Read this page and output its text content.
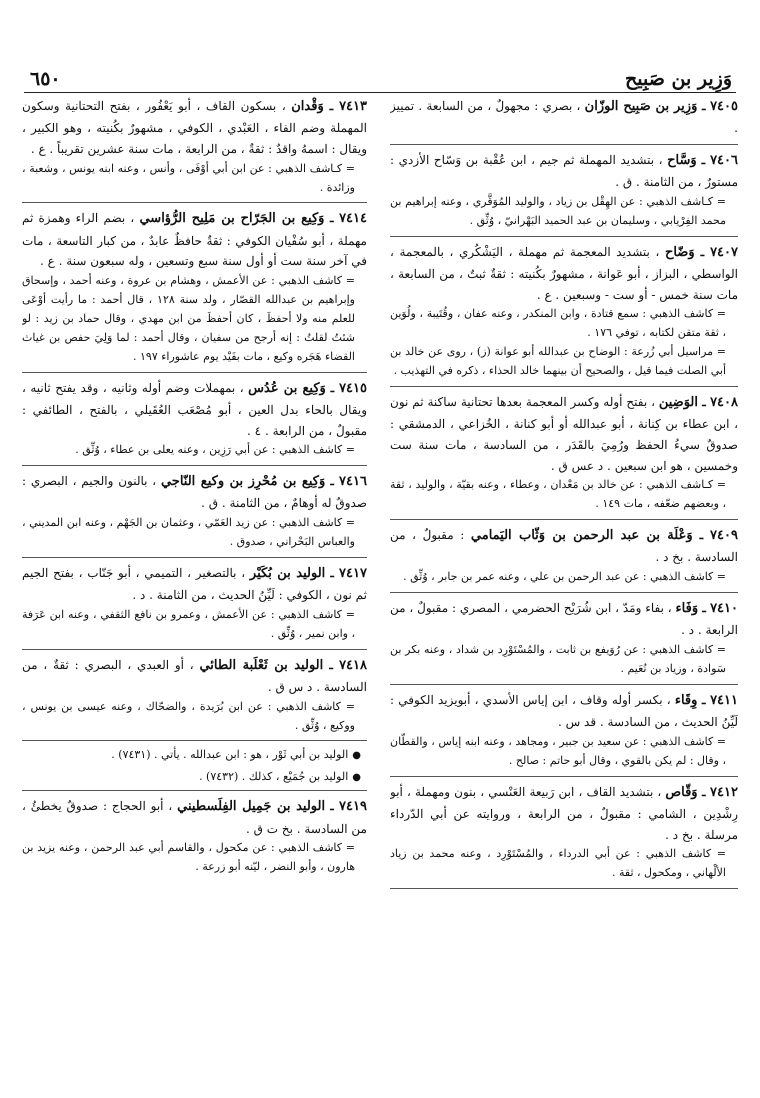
وَزِير بن صَبِيح
٦٥٠

٧٤٠٥ ـ وَزِير بن صَبِيح الوزّان ، بصري : مجهولٌ ، من السابعة . تمييز .

٧٤٠٦ ـ وَسَّاح ، بتشديد المهملة ثم جيم ، ابن عُقْبة بن وَسّاح الأزدي : مستورٌ ، من الثامنة . ق .

= كـاشف الذهبي : عن الهِقْل بن زياد ، والوليد المُوَقَّري ، وعنه إبراهيم بن محمد الفِرْيابي ، وسليمان بن عبد الحميد البَهْرانيّ ، وُثِّق .

٧٤٠٧ ـ وَضّاح ، بتشديد المعجمة ثم مهملة ، اليَشْكُري ، بالمعجمة ، الواسطي ، البزاز ، أبو عَوانة ، مشهورٌ بكُنيته : ثقةٌ ثبتٌ ، من السابعة ، مات سنة خمس - أو ست - وسبعين . ع .

= كاشف الذهبي : سمع قتادة ، وابن المنكدر ، وعنه عفان ، وقُتَيبة ، ولُوَين ، ثقة متقن لكتابه ، توفي ١٧٦ .

= مراسيل أبي زُرعة : الوضاح بن عبدالله أبو عوانة (ز) ، روى عن خالد بن أبي الصلت فيما قيل ، والصحيح أن بينهما خالد الحذاء ، ذكره في التهذيب .

٧٤٠٨ ـ الوَضِين ، بفتح أوله وكسر المعجمة بعدها تحتانية ساكنة ثم نون ، ابن عطاء بن كِنانة ، أبو عبدالله أو أبو كنانة ، الخُزاعي ، الدمشقي : صدوقٌ سيءُ الحفظ ورُمِيَ بالقَدَر ، من السادسة ، مات سنة ست وخمسين ، هو ابن سبعين . د عس ق .

= كـاشف الذهبي : عن خالد بن مَعْدان ، وعطاء ، وعنه بقيّة ، والوليد ، ثقة ، وبعضهم ضعّفه ، مات ١٤٩ .

٧٤٠٩ ـ وَعْلَة بن عبد الرحمن بن وَثّاب اليَمامي : مقبولٌ ، من السادسة . بخ د .

= كاشف الذهبي : عن عبد الرحمن بن علي ، وعنه عمر بن جابر ، وُثِّق .

٧٤١٠ ـ وَفَاء ، بفاء ومَدّ ، ابن شُرَيْح الحضرمي ، المصري : مقبولٌ ، من الرابعة . د .

= كاشف الذهبي : عن رُوَيفع بن ثابت ، والمُسْتَوْرِد بن شداد ، وعنه بكر بن سَوادة ، وزياد بن نُعَيم .

٧٤١١ ـ وِقَاء ، بكسر أوله وقاف ، ابن إياس الأسدي ، أبويزيد الكوفي : لَيِّنُ الحديث ، من السادسة . قد س .

= كاشف الذهبي : عن سعيد بن جبير ، ومجاهد ، وعنه ابنه إياس ، والقطّان ، وقال : لم يكن بالقوي ، وقال أبو حاتم : صالح .

٧٤١٢ ـ وَقّاص ، بتشديد القاف ، ابن رَبيعة العَنْسي ، بنون ومهملة ، أبو رِشْدِين ، الشامي : مقبولٌ ، من الرابعة ، وروايته عن أبي الدّرداء مرسلة . بخ د .

= كاشف الذهبي : عن أبي الدرداء ، والمُسْتَوْرِد ، وعنه محمد بن زياد الألْهاني ، ومكحول ، ثقة .

٧٤١٣ ـ وَقْدان ، بسكون القاف ، أبو يَعْفُور ، بفتح التحتانية وسكون المهملة وضم الفاء ، العَبْدي ، الكوفي ، مشهورٌ بكُنيته ، وهو الكبير ، ويقال : اسمهُ واقدٌ : ثقةٌ ، من الرابعة ، مات سنة عشرين تقريباً . ع .

= كـاشف الذهبي : عن ابن أبي أوْفَى ، وأنس ، وعنه ابنه يونس ، وشعبة ، وزائدة .

٧٤١٤ ـ وَكِيع بن الجَرّاح بن مَلِيح الرُّؤاسي ، بضم الراء وهمزة ثم مهملة ، أبو سُفْيان الكوفي : ثقةٌ حافظٌ عابدٌ ، من كبار التاسعة ، مات في آخر سنة ست أو أول سنة سبع وتسعين ، وله سبعون سنة . ع .

= كاشف الذهبي : عن الأعمش ، وهشام بن عروة ، وعنه أحمد ، وإسحاق وإبراهيم بن عبدالله القصّار ، ولد سنة ١٢٨ ، قال أحمد : ما رأيت أوْعَى للعلم منه ولا أحفظَ ، كان أحفظَ من ابن مهدي ، وقال حماد بن زيد : لو شئتُ لقلتُ : إنه أرجح من سفيان ، وقال أحمد : لما وَلِيَ حفص بن غياث القضاء هَجَره وكيع ، مات بفَيْد يوم عاشوراء ١٩٧ .

٧٤١٥ ـ وَكِيع بن عُدُس ، بمهملات وضم أوله وثانيه ، وقد يفتح ثانيه ، ويقال بالحاء بدل العين ، أبو مُصْعَب العُقَيلي ، بالفتح ، الطائفي : مقبولٌ ، من الرابعة . ٤ .

= كاشف الذهبي : عن أبي رَزِين ، وعنه يعلى بن عطاء ، وُثِّق .

٧٤١٦ ـ وَكِيع بن مُحْرِز بن وكيع النّاجي ، بالنون والجيم ، البصري : صدوقٌ له أوهامٌ ، من الثامنة . ق .

= كاشف الذهبي : عن زيد العَمّي ، وعثمان بن الجَهْم ، وعنه ابن المديني ، والعباس البَحْراني ، صدوق .

٧٤١٧ ـ الوليد بن بُكَيْر ، بالتصغير ، التميمي ، أبو جَنّاب ، بفتح الجيم ثم نون ، الكوفي : لَيِّنُ الحديث ، من الثامنة . د .

= كاشف الذهبي : عن الأعمش ، وعمرو بن نافع الثقفي ، وعنه ابن عَرَفة ، وابن نمير ، وُثِّق .

٧٤١٨ ـ الوليد بن ثَعْلَبة الطائي ، أو العبدي ، البصري : ثقةٌ ، من السادسة . د س ق .

= كاشف الذهبي : عن ابن بُرَيدة ، والضحّاك ، وعنه عيسى بن يونس ، ووكيع ، وُثِّق .

●الوليد بن أبي ثَوْر ، هو : ابن عبدالله . يأتي . (٧٤٣١) .

●الوليد بن جُمَيْع ، كذلك . (٧٤٣٢) .

٧٤١٩ ـ الوليد بن جَمِيل الفِلَسطيني ، أبو الحجاج : صدوقٌ يخطئُ ، من السادسة . بخ ت ق .

= كاشف الذهبي : عن مكحول ، والقاسم أبي عبد الرحمن ، وعنه يزيد بن هارون ، وأبو النضر ، ليّنه أبو زرعة .
